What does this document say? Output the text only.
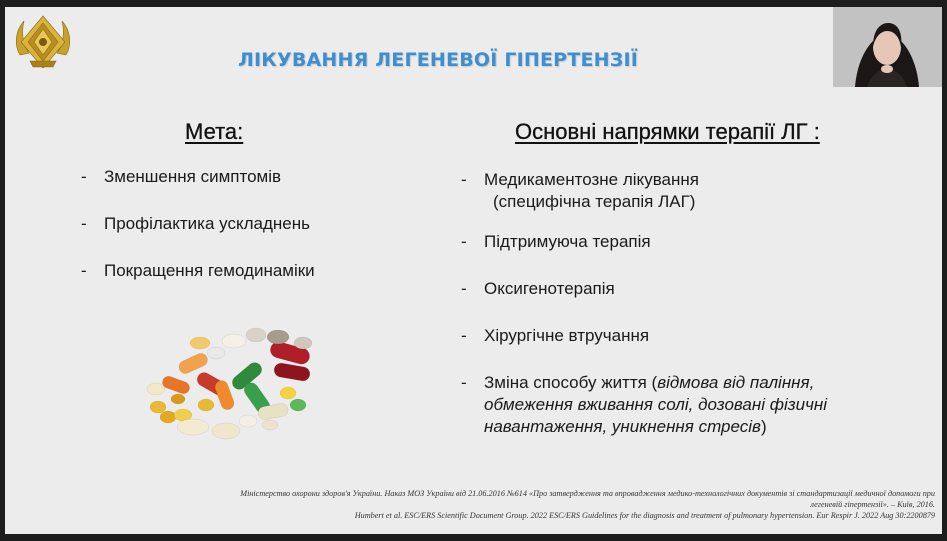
ЛІКУВАННЯ ЛЕГЕНЕВОЇ ГІПЕРТЕНЗІЇ
Мета:	Основні напрямки терапії ЛГ :
- Зменшення симптомів
- Профілактика ускладнень
- Покращення гемодинаміки
- Медикаментозне лікування
(специфічна терапія ЛАГ)
- Підтримуюча терапія
- Оксигенотерапія
- Хірургічне втручання
- Зміна способу життя (відмова від паління, обмеження вживання солі, дозовані фізичні навантаження, уникнення стресів)

Міністерство охорони здоров'я України. Наказ МОЗ України від 21.06.2016 №614 «Про затвердження та впровадження медико-технологічних документів зі стандартизації медичної допомоги при

легеневій гіпертензії». – Київ, 2016.

Humbert et al. ESC/ERS Scientific Document Group. 2022 ESC/ERS Guidelines for the diagnosis and treatment of pulmonary hypertension. Eur Respir J. 2022 Aug 30:2200879
